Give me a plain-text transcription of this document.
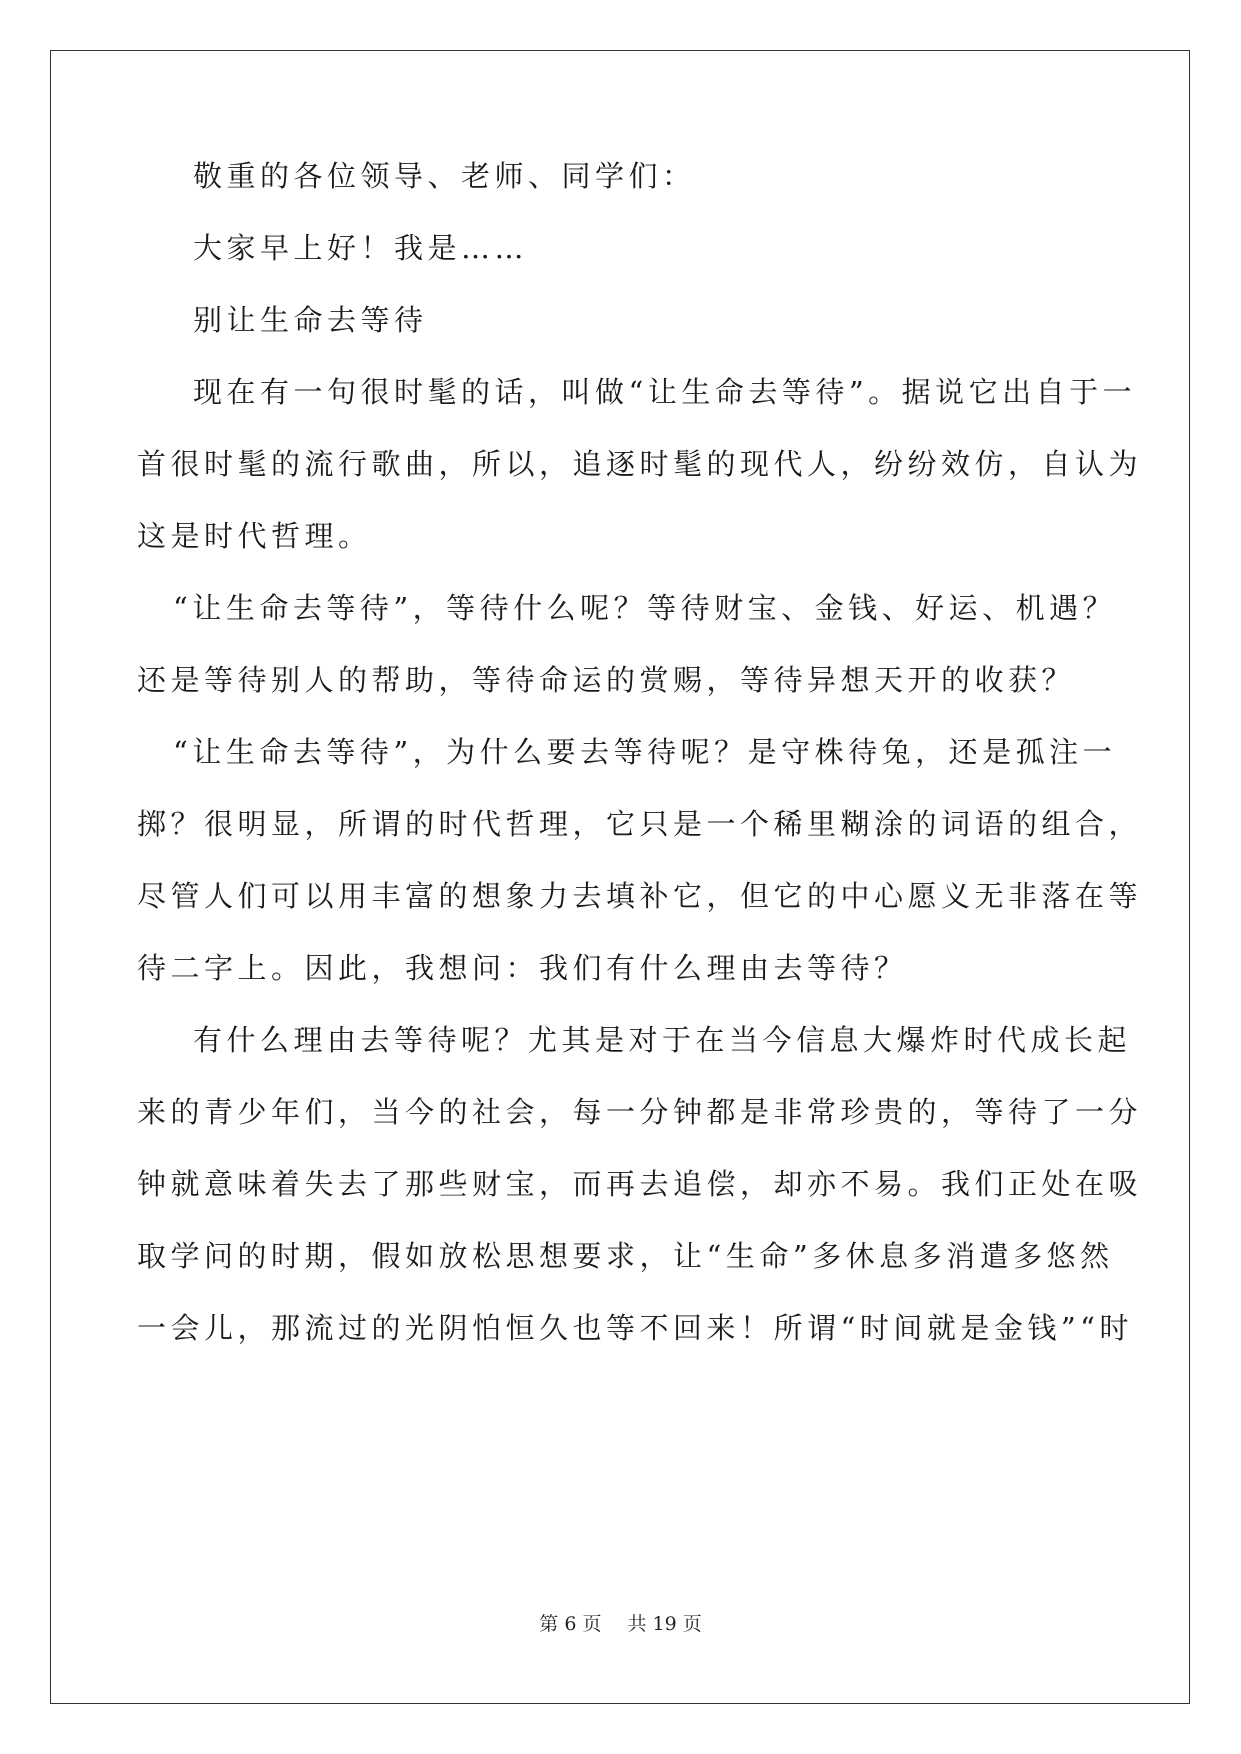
敬重的各位领导、老师、同学们：

大家早上好！我是……

别让生命去等待

现在有一句很时髦的话，叫做“让生命去等待”。据说它出自于一

首很时髦的流行歌曲，所以，追逐时髦的现代人，纷纷效仿，自认为

这是时代哲理。

“让生命去等待”，等待什么呢？等待财宝、金钱、好运、机遇？

还是等待别人的帮助，等待命运的赏赐，等待异想天开的收获？

“让生命去等待”，为什么要去等待呢？是守株待兔，还是孤注一

掷？很明显，所谓的时代哲理，它只是一个稀里糊涂的词语的组合，

尽管人们可以用丰富的想象力去填补它，但它的中心愿义无非落在等

待二字上。因此，我想问：我们有什么理由去等待？

有什么理由去等待呢？尤其是对于在当今信息大爆炸时代成长起

来的青少年们，当今的社会，每一分钟都是非常珍贵的，等待了一分

钟就意味着失去了那些财宝，而再去追偿，却亦不易。我们正处在吸

取学问的时期，假如放松思想要求，让“生命”多休息多消遣多悠然

一会儿，那流过的光阴怕恒久也等不回来！所谓“时间就是金钱”“时

第 6 页 共 19 页
